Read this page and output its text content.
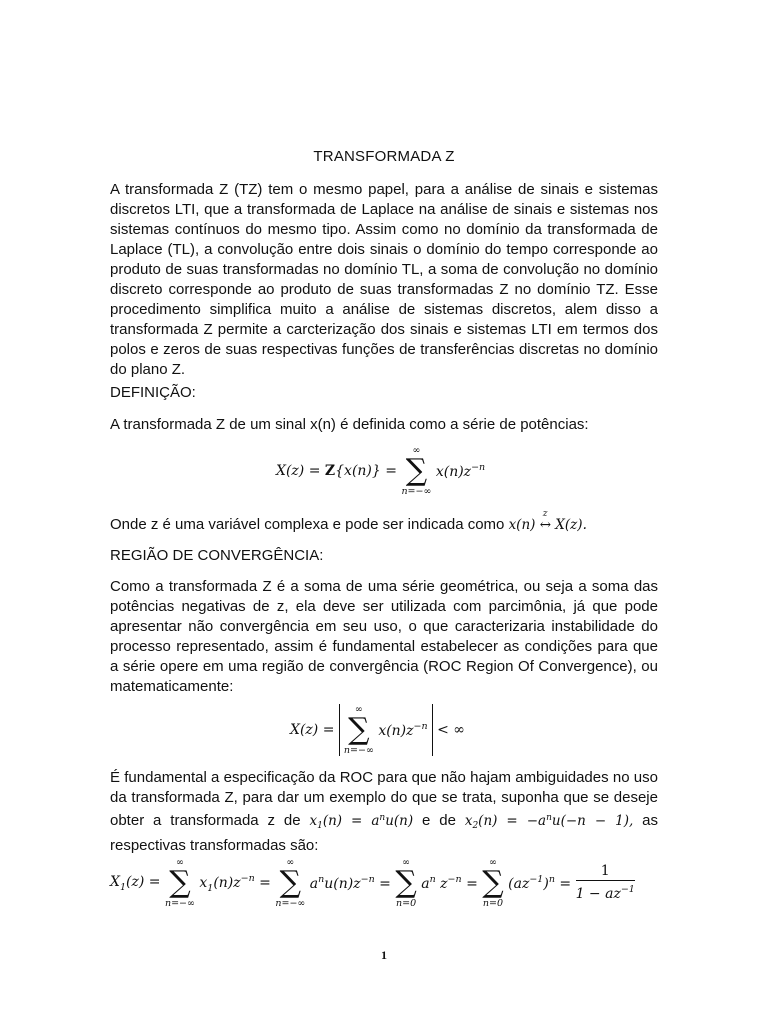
TRANSFORMADA Z

A transformada Z (TZ) tem o mesmo papel, para a análise de sinais e sistemas discretos LTI, que a transformada de Laplace na análise de sinais e sistemas nos sistemas contínuos do mesmo tipo. Assim como no domínio da transformada de Laplace (TL), a convolução entre dois sinais o domínio do tempo corresponde ao produto de suas transformadas no domínio TL, a soma de convolução no domínio discreto corresponde ao produto de suas transformadas Z no domínio TZ. Esse procedimento simplifica muito a análise de sistemas discretos, alem disso a transformada Z permite a carcterização dos sinais e sistemas LTI em termos dos polos e zeros de suas respectivas funções de transferências discretas no domínio do plano Z.

DEFINIÇÃO:

A transformada Z de um sinal x(n) é definida como a série de potências:

X(z) = 𝐙{x(n)} =
∞
∑
n=−∞
$x(n)z^{-n}$

Onde z é uma variável complexa e pode ser indicada como x(n)
z
↔ X(z).

REGIÃO DE CONVERGÊNCIA:

Como a transformada Z é a soma de uma série geométrica, ou seja a soma das potências negativas de z, ela deve ser utilizada com parcimônia, já que pode apresentar não convergência em seu uso, o que caracterizaria instabilidade do processo representado, assim é fundamental estabelecer as condições para que a série opere em uma região de convergência (ROC Region Of Convergence), ou matematicamente:

X(z) =
∞
∑
n=−∞
$x(n)z^{-n}$ < ∞

É fundamental a especificação da ROC para que não hajam ambiguidades no uso da transformada Z, para dar um exemplo do que se trata, suponha que se deseje obter a transformada z de $x_1(n) = a^nu(n)$ e de $x_2(n) = -a^nu(-n - 1)$, as respectivas transformadas são:

$X_1(z)$ =
∞
∑
n=−∞
$x_1(n)z^{-n}$ =
∞
∑
n=−∞
$a^nu(n)z^{-n}$ =
∞
∑
n=0
$a^n$ $z^{-n}$ =
∞
∑
n=0
$(az^{-1})^n = \frac{1}{1 - az^{-1}}$
1
